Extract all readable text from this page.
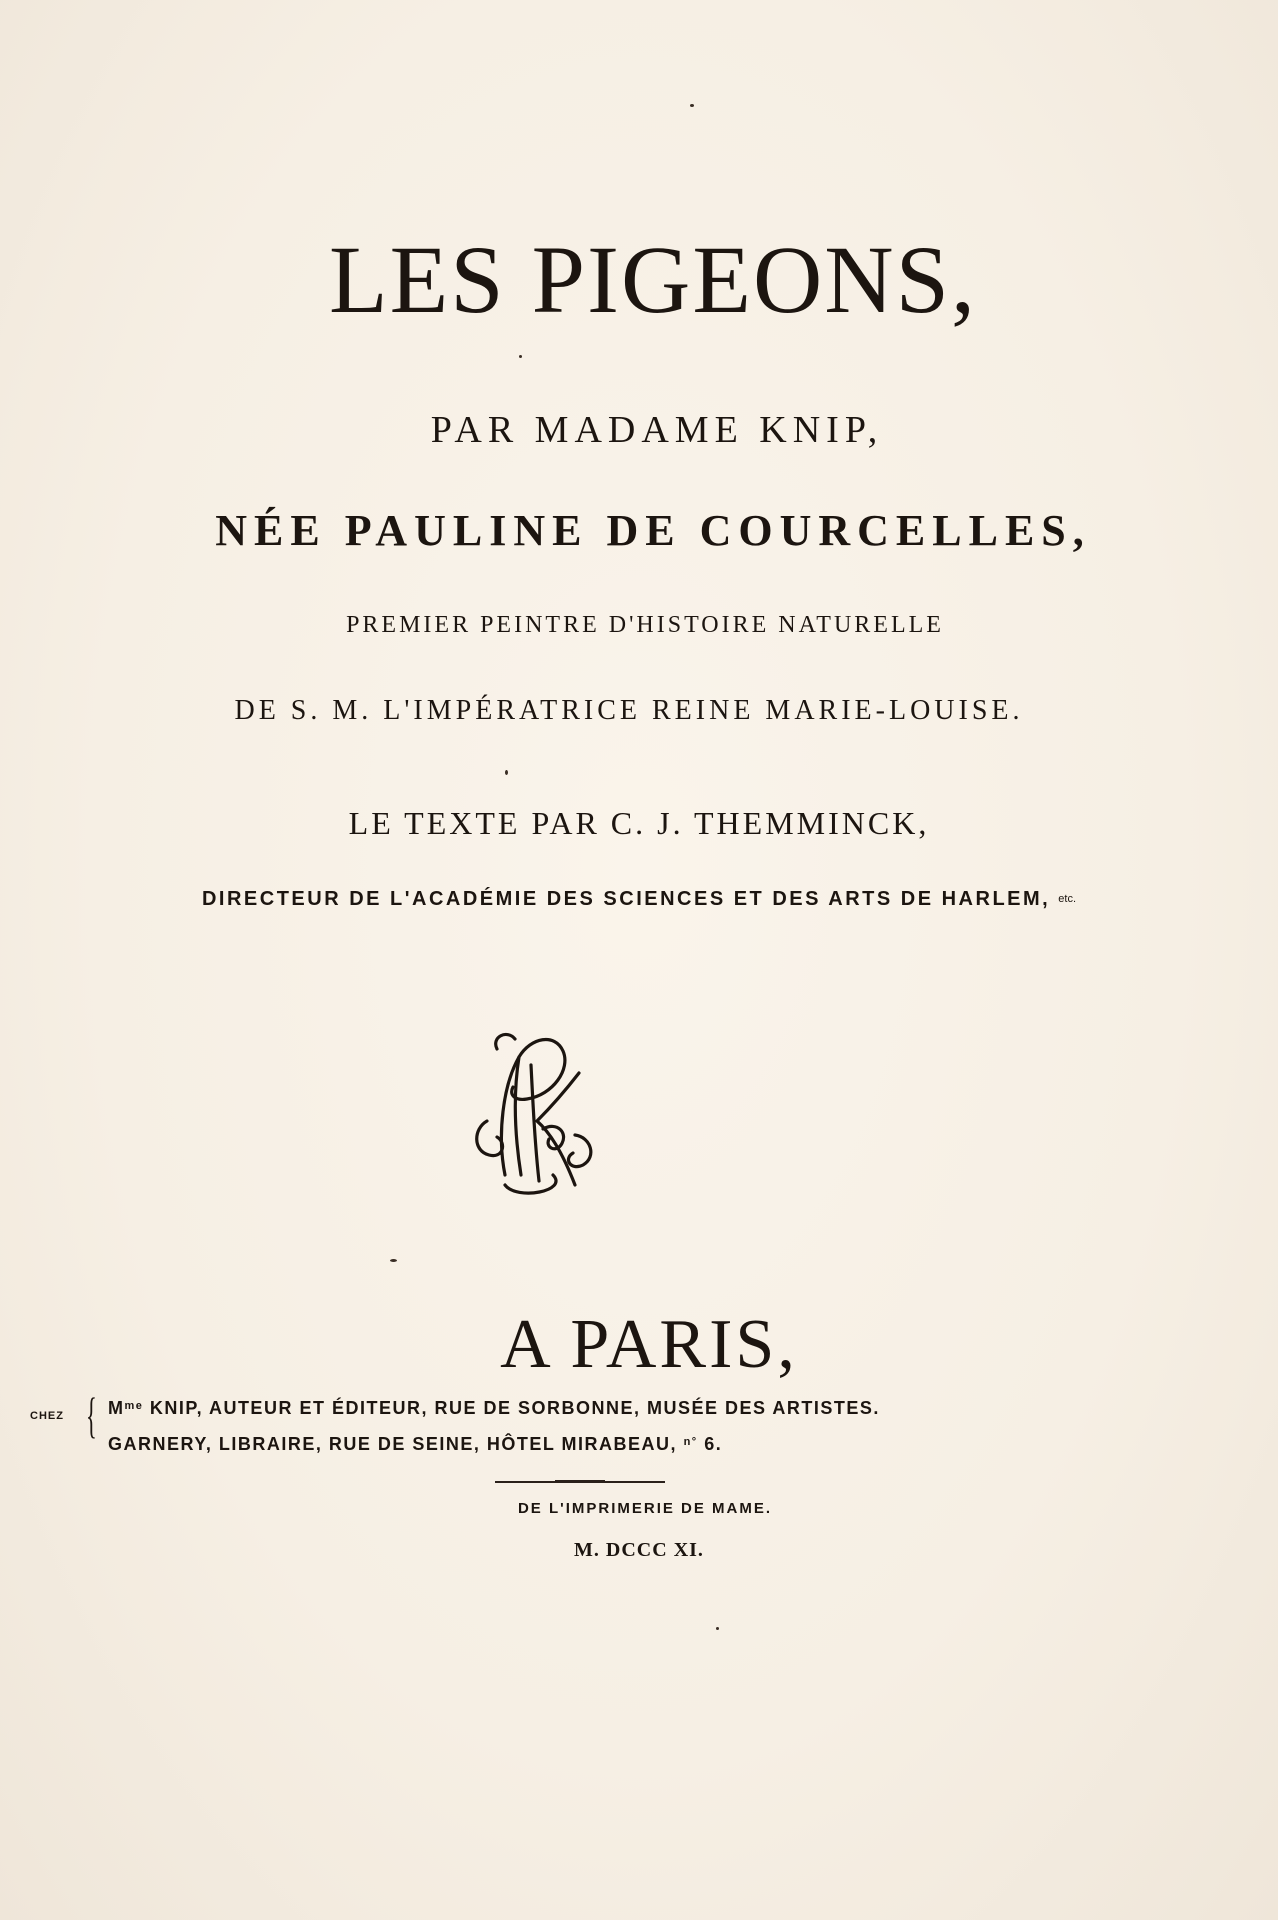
LES PIGEONS,
PAR MADAME KNIP,
NÉE PAULINE DE COURCELLES,
PREMIER PEINTRE D'HISTOIRE NATURELLE
DE S. M. L'IMPÉRATRICE REINE MARIE-LOUISE.
LE TEXTE PAR C. J. THEMMINCK,
DIRECTEUR DE L'ACADÉMIE DES SCIENCES ET DES ARTS DE HARLEM, etc.
A PARIS,
CHEZ { $M^{me}$ KNIP, AUTEUR ET ÉDITEUR, RUE DE SORBONNE, MUSÉE DES ARTISTES.
GARNERY, LIBRAIRE, RUE DE SEINE, HÔTEL MIRABEAU, $^{n^\circ}$ 6.
DE L'IMPRIMERIE DE MAME.
M. DCCC XI.
